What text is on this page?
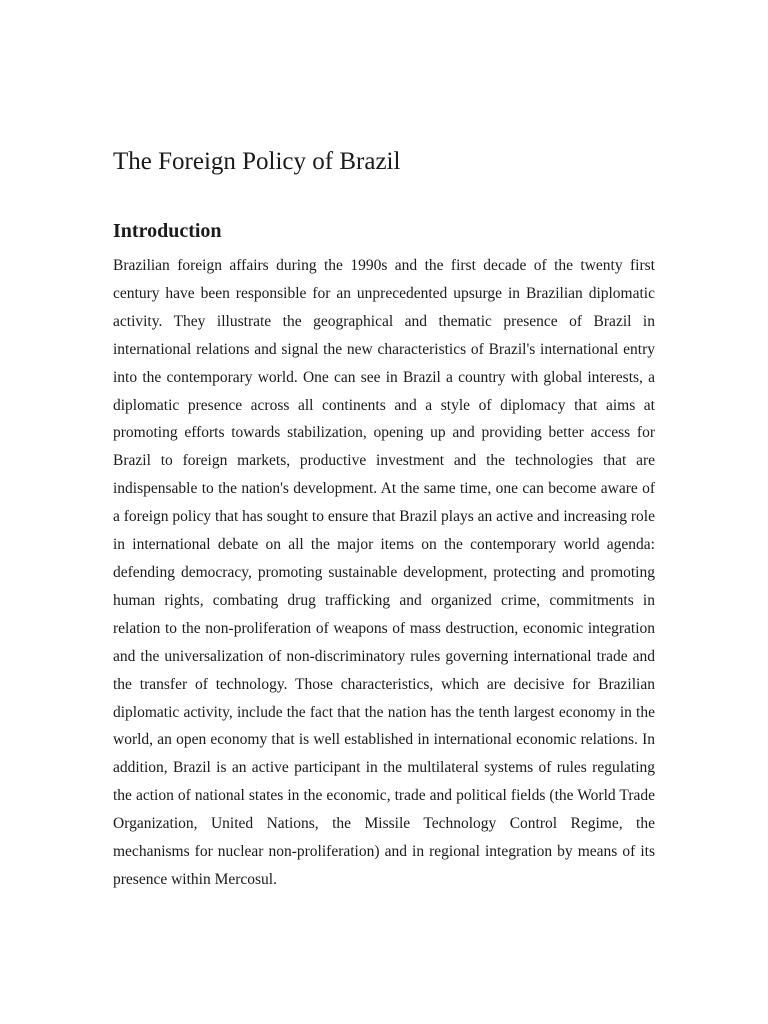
The Foreign Policy of Brazil
Introduction

Brazilian foreign affairs during the 1990s and the first decade of the twenty first century have been responsible for an unprecedented upsurge in Brazilian diplomatic activity. They illustrate the geographical and thematic presence of Brazil in international relations and signal the new characteristics of Brazil's international entry into the contemporary world. One can see in Brazil a country with global interests, a diplomatic presence across all continents and a style of diplomacy that aims at promoting efforts towards stabilization, opening up and providing better access for Brazil to foreign markets, productive investment and the technologies that are indispensable to the nation's development. At the same time, one can become aware of a foreign policy that has sought to ensure that Brazil plays an active and increasing role in international debate on all the major items on the contemporary world agenda: defending democracy, promoting sustainable development, protecting and promoting human rights, combating drug trafficking and organized crime, commitments in relation to the non-proliferation of weapons of mass destruction, economic integration and the universalization of non-discriminatory rules governing international trade and the transfer of technology. Those characteristics, which are decisive for Brazilian diplomatic activity, include the fact that the nation has the tenth largest economy in the world, an open economy that is well established in international economic relations. In addition, Brazil is an active participant in the multilateral systems of rules regulating the action of national states in the economic, trade and political fields (the World Trade Organization, United Nations, the Missile Technology Control Regime, the mechanisms for nuclear non-proliferation) and in regional integration by means of its presence within Mercosul.
